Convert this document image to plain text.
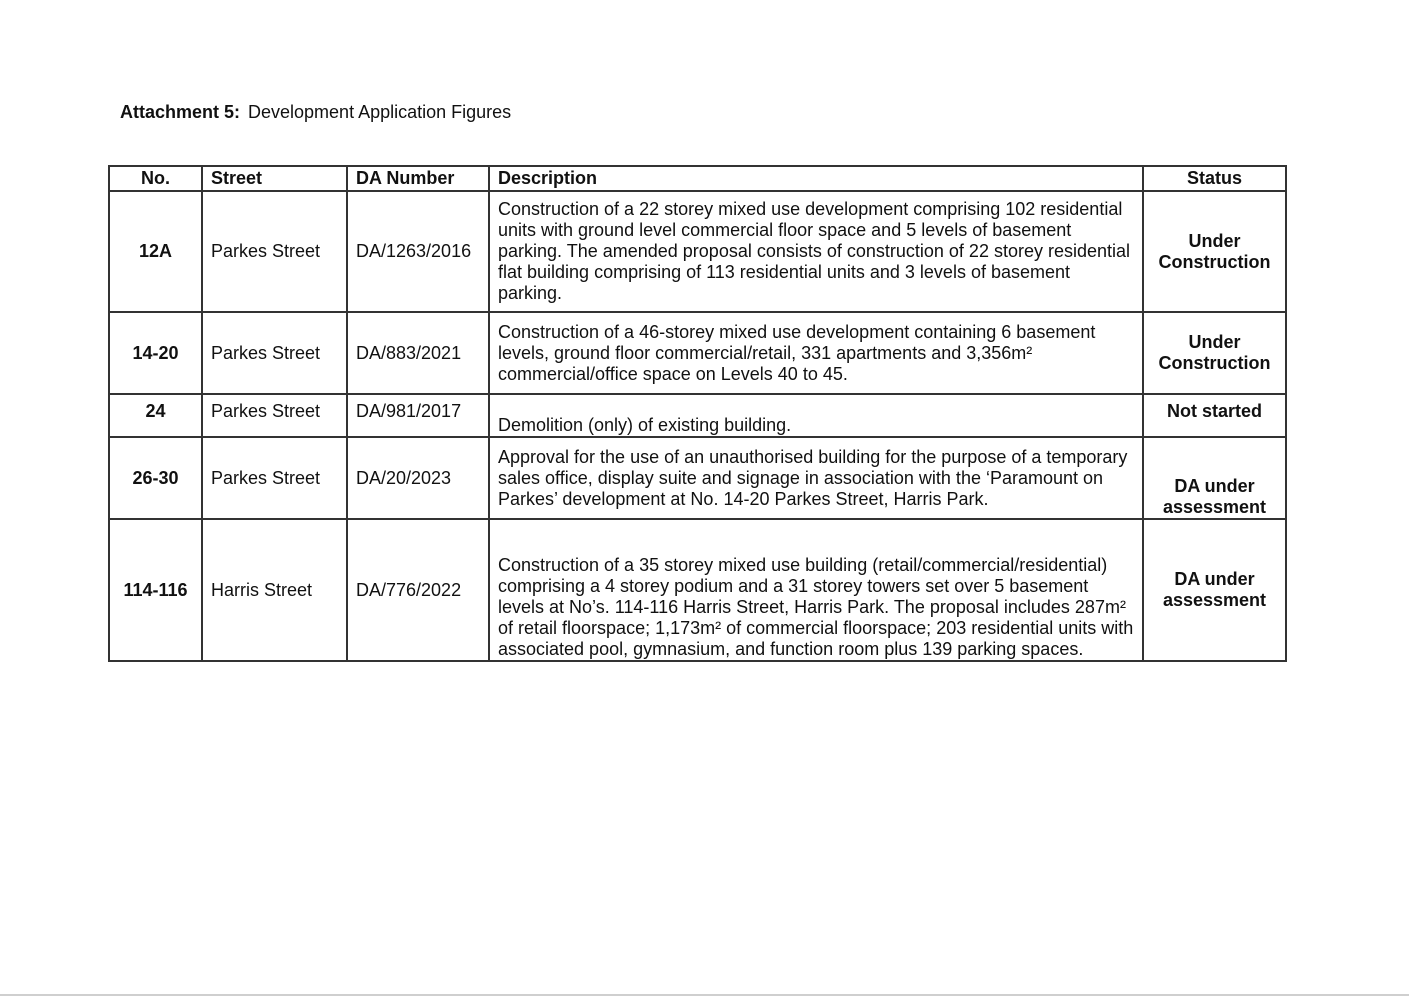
Attachment 5: Development Application Figures
No.	Street	DA Number	Description	Status
12A	Parkes Street	DA/1263/2016	Construction of a 22 storey mixed use development comprising 102 residential units with ground level commercial floor space and 5 levels of basement parking. The amended proposal consists of construction of 22 storey residential flat building comprising of 113 residential units and 3 levels of basement parking.	Under Construction
14-20	Parkes Street	DA/883/2021	Construction of a 46-storey mixed use development containing 6 basement levels, ground floor commercial/retail, 331 apartments and 3,356m² commercial/office space on Levels 40 to 45.	Under Construction
24	Parkes Street	DA/981/2017	Demolition (only) of existing building.	Not started
26-30	Parkes Street	DA/20/2023	Approval for the use of an unauthorised building for the purpose of a temporary sales office, display suite and signage in association with the ‘Paramount on Parkes’ development at No. 14-20 Parkes Street, Harris Park.	DA under assessment
114-116	Harris Street	DA/776/2022	Construction of a 35 storey mixed use building (retail/commercial/residential) comprising a 4 storey podium and a 31 storey towers set over 5 basement levels at No’s. 114-116 Harris Street, Harris Park. The proposal includes 287m² of retail floorspace; 1,173m² of commercial floorspace; 203 residential units with associated pool, gymnasium, and function room plus 139 parking spaces.	DA under assessment
